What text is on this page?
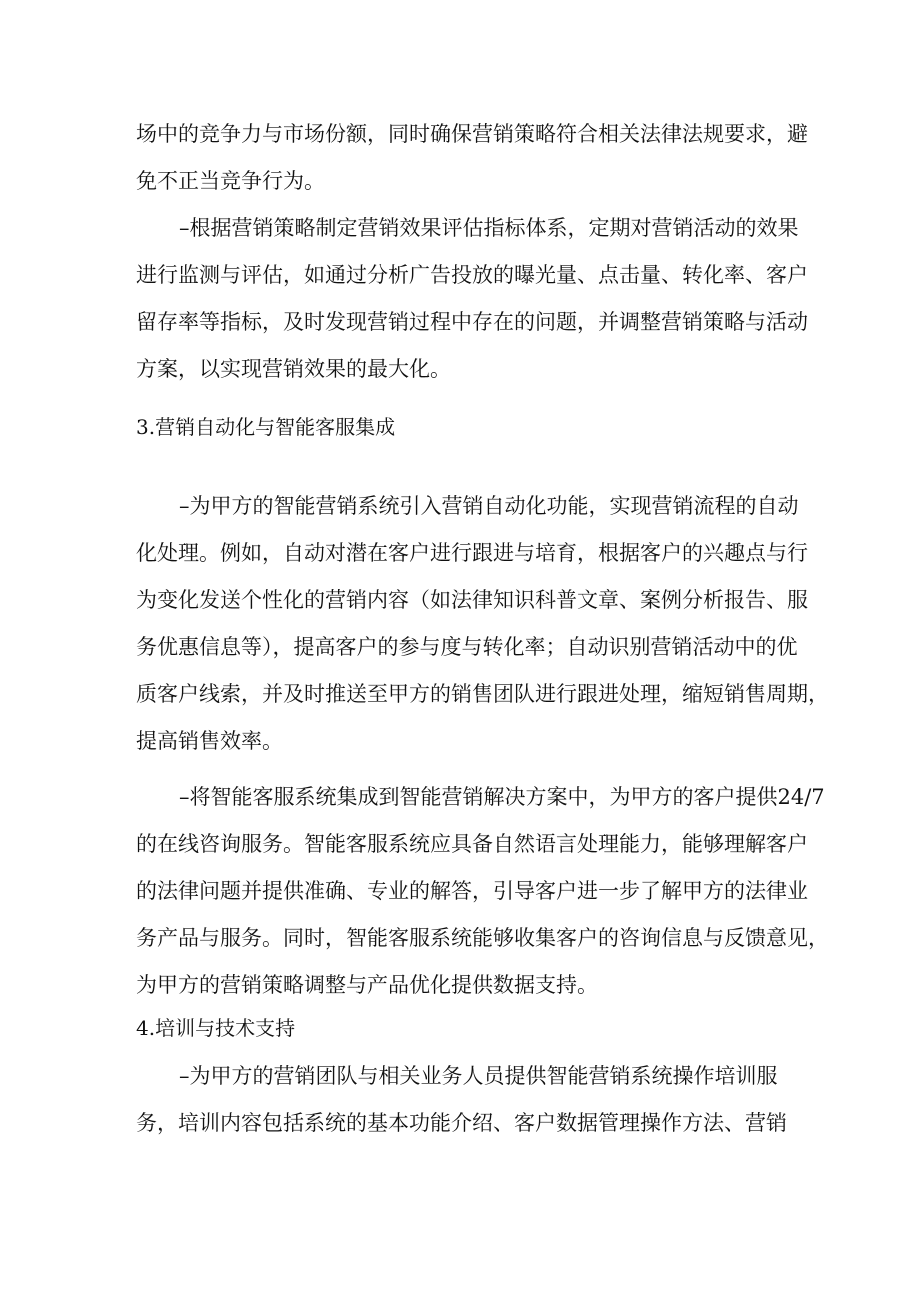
场中的竞争力与市场份额，同时确保营销策略符合相关法律法规要求，避

免不正当竞争行为。

–根据营销策略制定营销效果评估指标体系，定期对营销活动的效果

进行监测与评估，如通过分析广告投放的曝光量、点击量、转化率、客户

留存率等指标，及时发现营销过程中存在的问题，并调整营销策略与活动

方案，以实现营销效果的最大化。

3.营销自动化与智能客服集成

–为甲方的智能营销系统引入营销自动化功能，实现营销流程的自动

化处理。例如，自动对潜在客户进行跟进与培育，根据客户的兴趣点与行

为变化发送个性化的营销内容（如法律知识科普文章、案例分析报告、服

务优惠信息等），提高客户的参与度与转化率；自动识别营销活动中的优

质客户线索，并及时推送至甲方的销售团队进行跟进处理，缩短销售周期，

提高销售效率。

–将智能客服系统集成到智能营销解决方案中，为甲方的客户提供24/7

的在线咨询服务。智能客服系统应具备自然语言处理能力，能够理解客户

的法律问题并提供准确、专业的解答，引导客户进一步了解甲方的法律业

务产品与服务。同时，智能客服系统能够收集客户的咨询信息与反馈意见，

为甲方的营销策略调整与产品优化提供数据支持。

4.培训与技术支持

–为甲方的营销团队与相关业务人员提供智能营销系统操作培训服

务，培训内容包括系统的基本功能介绍、客户数据管理操作方法、营销
